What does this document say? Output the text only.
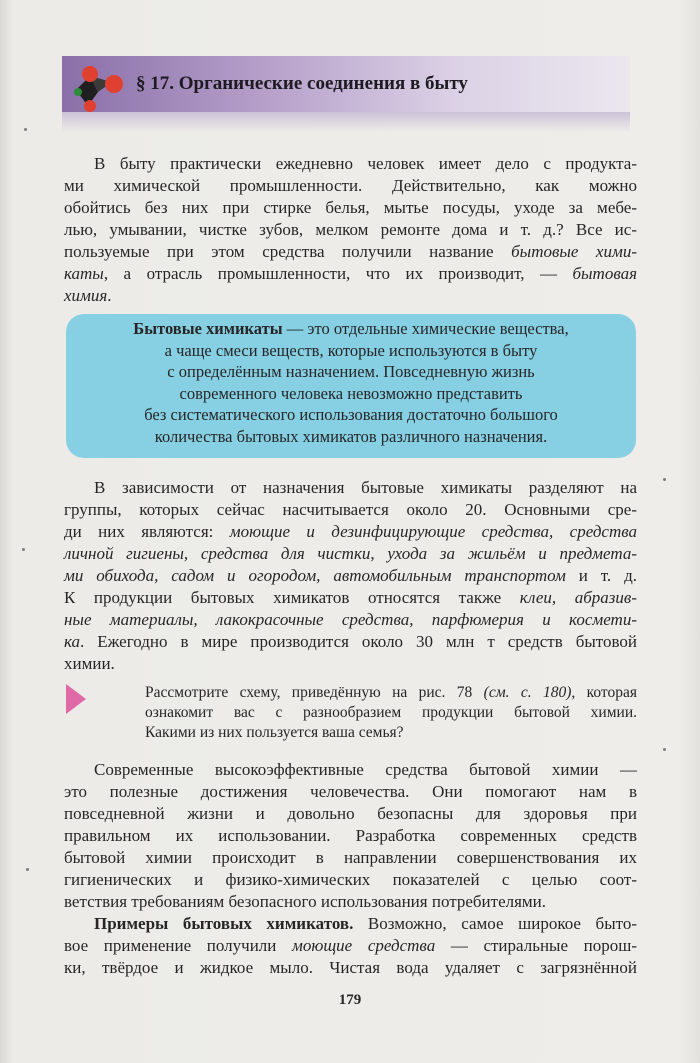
§ 17. Органические соединения в быту
В быту практически ежедневно человек имеет дело с продукта-
ми химической промышленности. Действительно, как можно
обойтись без них при стирке белья, мытье посуды, уходе за мебе-
лью, умывании, чистке зубов, мелком ремонте дома и т. д.? Все ис-
пользуемые при этом средства получили название бытовые хими-
каты, а отрасль промышленности, что их производит, — бытовая
химия.
Бытовые химикаты — это отдельные химические вещества,
а чаще смеси веществ, которые используются в быту
с определённым назначением. Повседневную жизнь
современного человека невозможно представить
без систематического использования достаточно большого
количества бытовых химикатов различного назначения.
В зависимости от назначения бытовые химикаты разделяют на
группы, которых сейчас насчитывается около 20. Основными сре-
ди них являются: моющие и дезинфицирующие средства, средства
личной гигиены, средства для чистки, ухода за жильём и предмета-
ми обихода, садом и огородом, автомобильным транспортом и т. д.
К продукции бытовых химикатов относятся также клеи, абразив-
ные материалы, лакокрасочные средства, парфюмерия и космети-
ка. Ежегодно в мире производится около 30 млн т средств бытовой
химии.
Рассмотрите схему, приведённую на рис. 78 (см. с. 180), которая
ознакомит вас с разнообразием продукции бытовой химии.
Какими из них пользуется ваша семья?
Современные высокоэффективные средства бытовой химии —
это полезные достижения человечества. Они помогают нам в
повседневной жизни и довольно безопасны для здоровья при
правильном их использовании. Разработка современных средств
бытовой химии происходит в направлении совершенствования их
гигиенических и физико-химических показателей с целью соот-
ветствия требованиям безопасного использования потребителями.
Примеры бытовых химикатов. Возможно, самое широкое быто-
вое применение получили моющие средства — стиральные порош-
ки, твёрдое и жидкое мыло. Чистая вода удаляет с загрязнённой
179
